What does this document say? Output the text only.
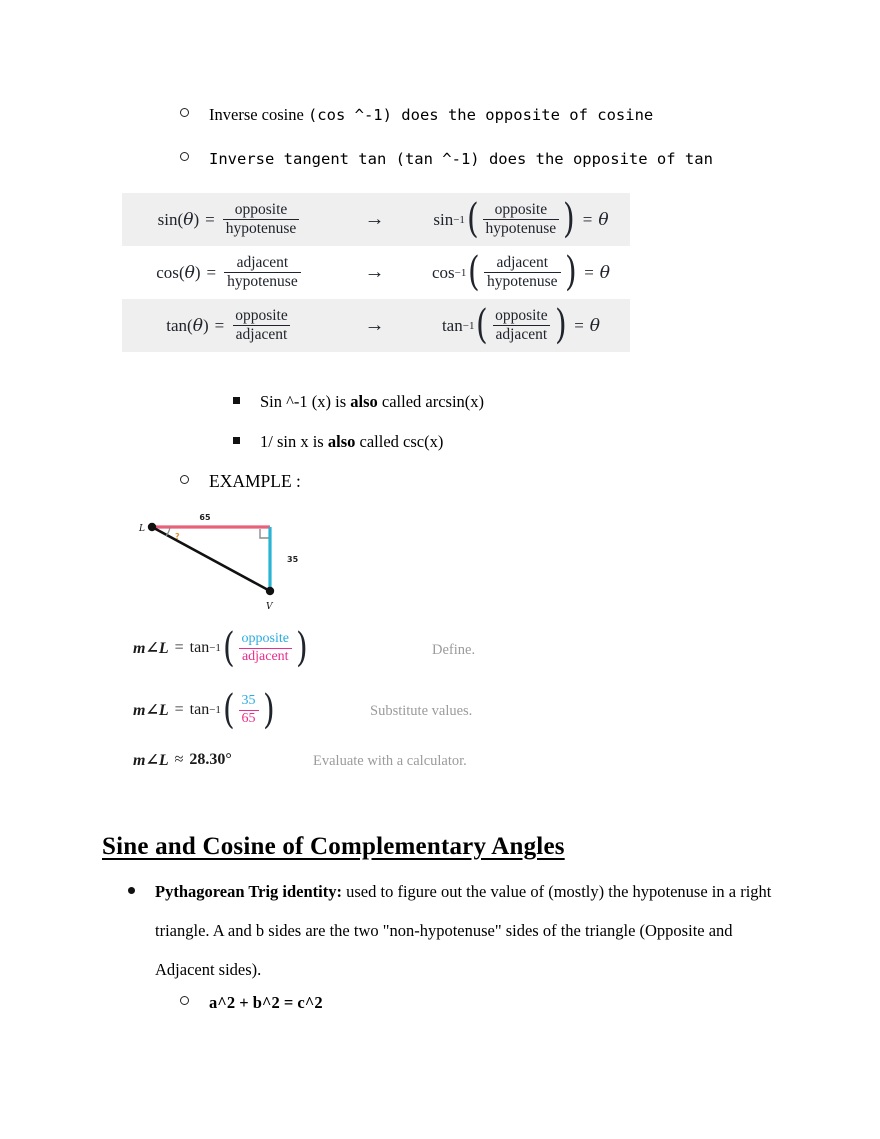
Inverse cosine (cos ^-1) does the opposite of cosine
Inverse tangent tan (tan ^-1) does the opposite of tan
sin ( θ ) = $\frac{\text{opposite}}{\text{hypotenuse}}$	→	sin −1 ( $\frac{\text{opposite}}{\text{hypotenuse}}$ ) = θ

cos ( θ ) = $\frac{\text{adjacent}}{\text{hypotenuse}}$	→	cos −1 ( $\frac{\text{adjacent}}{\text{hypotenuse}}$ ) = θ

tan ( θ ) = $\frac{\text{opposite}}{\text{adjacent}}$	→	tan −1 ( $\frac{\text{opposite}}{\text{adjacent}}$ ) = θ
Sin ^-1 (x) is also called arcsin(x)
1/ sin x is also called csc(x)
EXAMPLE :
L
V
65
35
?
m∠L = tan −1 ( $\frac{\text{opposite}}{\text{adjacent}}$ )	Define.
m∠L = tan −1 ( $\frac{35}{65}$ )	Substitute values.
m∠L ≈ 28.30°	Evaluate with a calculator.
Sine and Cosine of Complementary Angles
Pythagorean Trig identity: used to figure out the value of (mostly) the hypotenuse in a right triangle. A and b sides are the two "non-hypotenuse" sides of the triangle (Opposite and Adjacent sides).
a^2 + b^2 = c^2
